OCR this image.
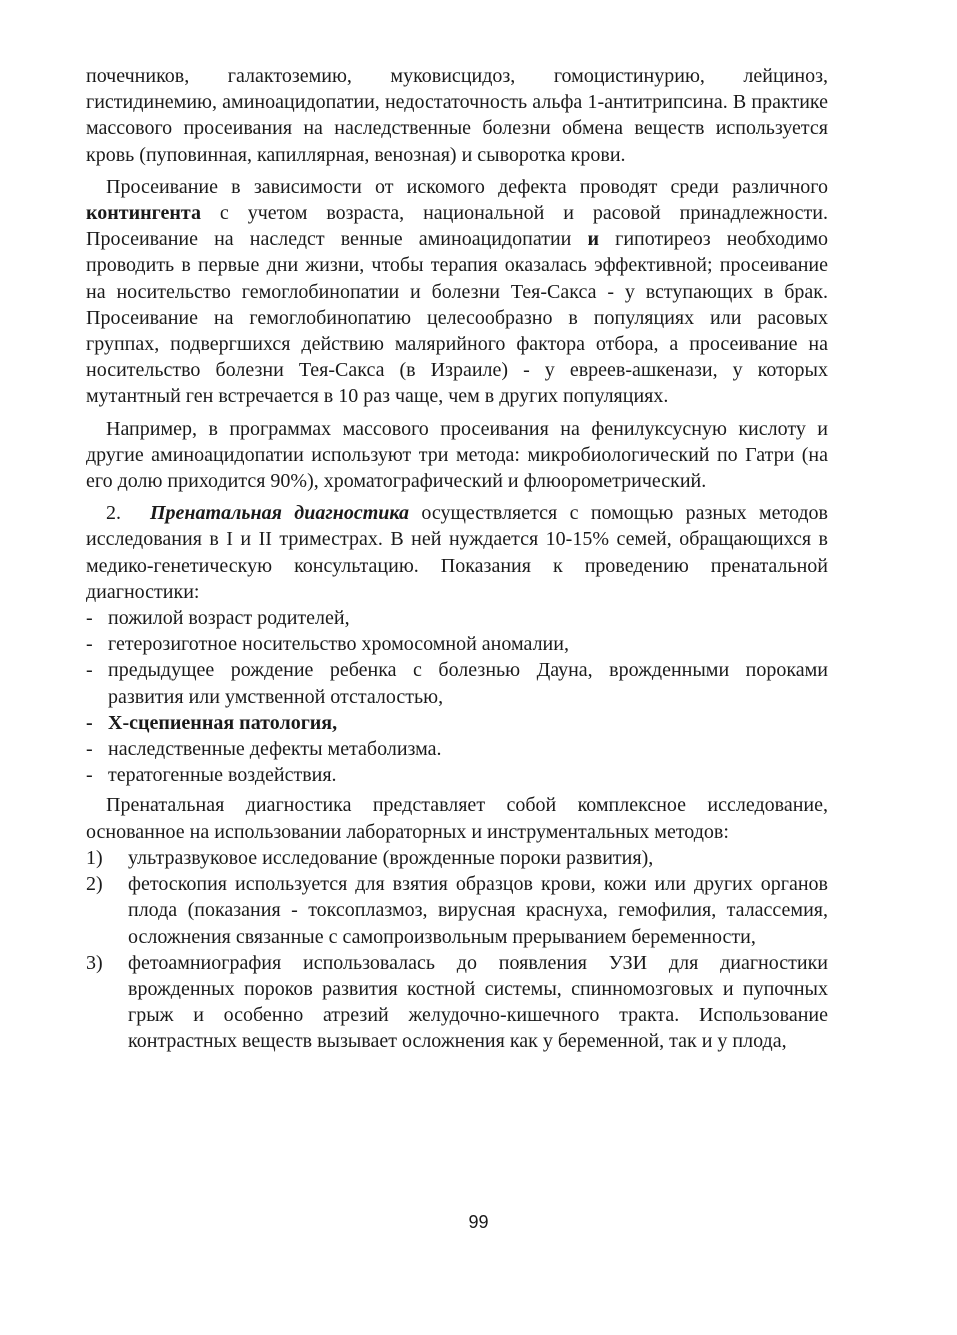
почечников, галактоземию, муковисцидоз, гомоцистинурию, лейциноз, гистидинемию, аминоацидопатии, недостаточность альфа 1-антитрипсина. В практике массового просеивания на наследственные болезни обмена веществ используется кровь (пуповинная, капиллярная, венозная) и сыворотка крови.

Просеивание в зависимости от искомого дефекта проводят среди различного контингента с учетом возраста, национальной и расовой принадлежности. Просеивание на наследст венные аминоацидопатии и гипотиреоз необходимо проводить в первые дни жизни, чтобы терапия оказалась эффективной; просеивание на носительство гемоглобинопатии и болезни Тея-Сакса - у вступающих в брак. Просеивание на гемоглобинопатию целесообразно в популяциях или расовых группах, подвергшихся действию малярийного фактора отбора, а просеивание на носительство болезни Тея-Сакса (в Израиле) - у евреев-ашкенази, у которых мутантный ген встречается в 10 раз чаще, чем в других популяциях.

Например, в программах массового просеивания на фенилуксусную кислоту и другие аминоацидопатии используют три метода: микробиологический по Гатри (на его долю приходится 90%), хроматографический и флюорометрический.

2. Пренатальная диагностика осуществляется с помощью разных методов исследования в I и II триместрах. В ней нуждается 10-15% семей, обращающихся в медико-генетическую консультацию. Показания к проведению пренатальной диагностики:

- пожилой возраст родителей,
- гетерозиготное носительство хромосомной аномалии,
- предыдущее рождение ребенка с болезнью Дауна, врожденными пороками развития или умственной отсталостью,
- Х-сцепиенная патология,
- наследственные дефекты метаболизма.
- тератогенные воздействия.

Пренатальная диагностика представляет собой комплексное исследование, основанное на использовании лабораторных и инструментальных методов:

1) ультразвуковое исследование (врожденные пороки развития),
2) фетоскопия используется для взятия образцов крови, кожи или других органов плода (показания - токсоплазмоз, вирусная краснуха, гемофилия, талассемия, осложнения связанные с самопроизвольным прерыванием беременности,
3) фетоамниография использовалась до появления УЗИ для диагностики врожденных пороков развития костной системы, спинномозговых и пупочных грыж и особенно атрезий желудочно-кишечного тракта. Использование контрастных веществ вызывает осложнения как у беременной, так и у плода,
99
